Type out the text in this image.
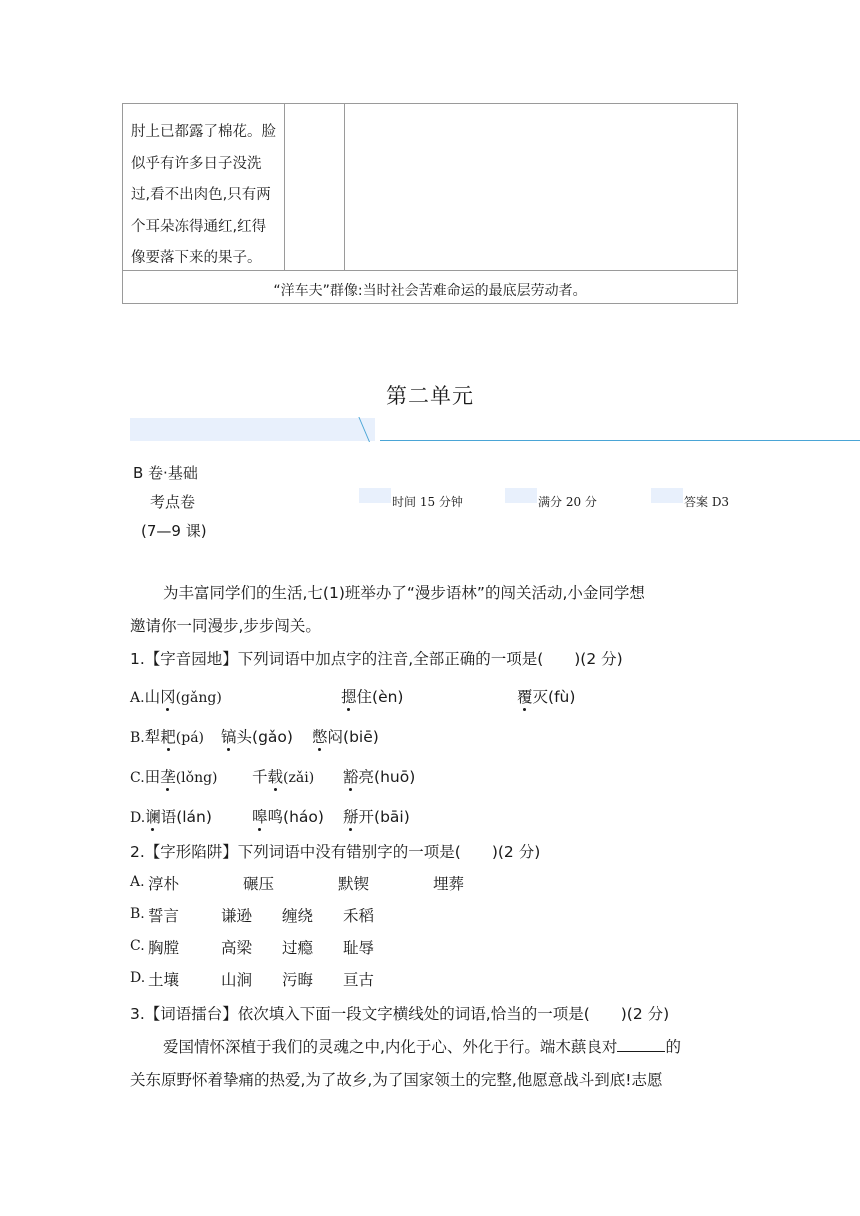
肘上已都露了棉花。脸
似乎有许多日子没洗
过,看不出肉色,只有两
个耳朵冻得通红,红得
像要落下来的果子。
“洋车夫”群像:当时社会苦难命运的最底层劳动者。
第二单元
B 卷·基础
考点卷
(7—9 课)
时间 15 分钟	满分 20 分	答案 D3
为丰富同学们的生活,七(1)班举办了“漫步语林”的闯关活动,小金同学想
邀请你一同漫步,步步闯关。
1.【字音园地】下列词语中加点字的注音,全部正确的一项是(　　)(2 分)
A.山冈(gǎng)	摁住(èn)	覆灭(fù)
B.犁耙(pá) 镐头(gǎo) 憋闷(biē)
C.田垄(lǒng) 千载(zǎi) 豁亮(huō)
D.谰语(lán)	嗥鸣(háo) 掰开(bāi)
2.【字形陷阱】下列词语中没有错别字的一项是(　　)(2 分)
A. 淳朴	碾压	默锲	埋葬
B. 誓言	谦逊 缠绕 禾稻
C. 胸膛	高梁 过瘾 耻辱
D. 土壤	山涧 污晦 亘古
3.【词语擂台】依次填入下面一段文字横线处的词语,恰当的一项是(　　)(2 分)
爱国情怀深植于我们的灵魂之中,内化于心、外化于行。端木蕻良对	的
关东原野怀着挚痛的热爱,为了故乡,为了国家领土的完整,他愿意战斗到底!志愿
